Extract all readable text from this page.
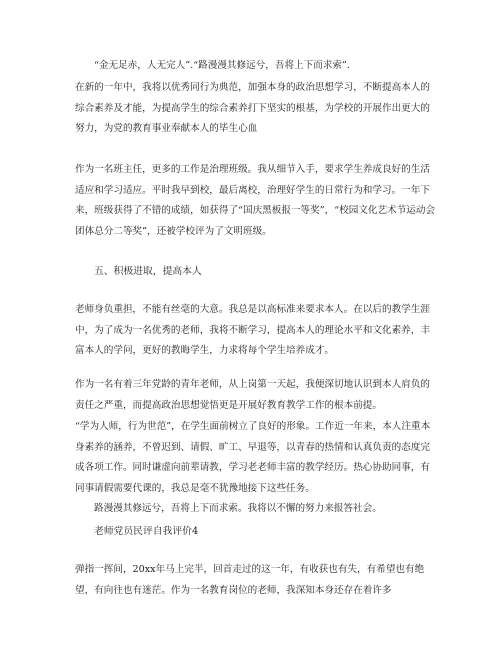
“金无足赤，人无完人”.“路漫漫其修远兮，吾将上下而求索”.

在新的一年中，我将以优秀同行为典范，加强本身的政治思想学习，不断提高本人的综合素养及才能，为提高学生的综合素养打下坚实的根基，为学校的开展作出更大的努力，为党的教育事业奉献本人的毕生心血

作为一名班主任，更多的工作是治理班级。我从细节入手，要求学生养成良好的生活适应和学习适应。平时我早到校，最后离校，治理好学生的日常行为和学习。一年下来，班级获得了不错的成绩，如获得了“国庆黑板报一等奖”，“校园文化艺术节运动会团体总分二等奖”，还被学校评为了文明班级。

五、积极进取，提高本人

老师身负重担，不能有丝毫的大意。我总是以高标准来要求本人。在以后的教学生涯中，为了成为一名优秀的老师，我将不断学习，提高本人的理论水平和文化素养，丰富本人的学问，更好的教晦学生，力求将每个学生培养成才。

作为一名有着三年党龄的青年老师，从上岗第一天起，我便深切地认识到本人肩负的责任之严重，而提高政治思想觉悟更是开展好教育教学工作的根本前提。

“学为人师，行为世范”，在学生面前树立了良好的形象。工作近一年来，本人注重本身素养的涵养，不曾迟到、请假、旷工、早退等，以青春的热情和认真负责的态度完成各项工作。同时谦虚向前辈请教，学习老老师丰富的教学经历。热心协助同事，有同事请假需要代课的，我总是毫不犹豫地接下这些任务。

路漫漫其修远兮，吾将上下而求索。我将以不懈的努力来报答社会。

老师党员民评自我评价4

弹指一挥间，20xx年马上完半，回首走过的这一年，有收获也有失，有希望也有绝望，有向往也有迷茫。作为一名教育岗位的老师，我深知本身还存在着许多
